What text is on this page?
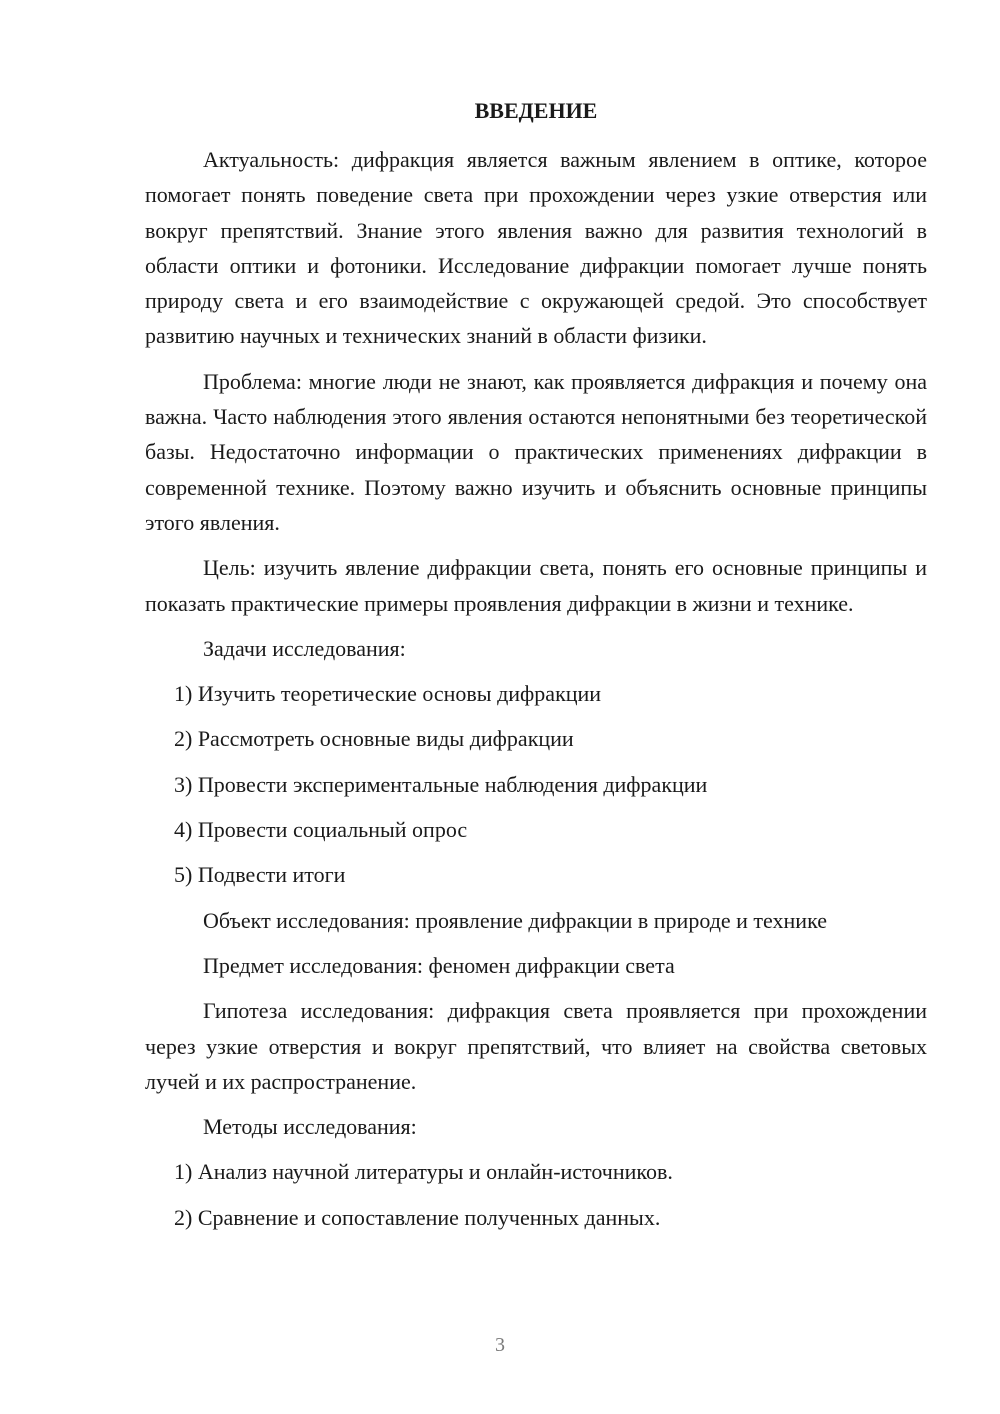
ВВЕДЕНИЕ

Актуальность: дифракция является важным явлением в оптике, которое помогает понять поведение света при прохождении через узкие отверстия или вокруг препятствий. Знание этого явления важно для развития технологий в области оптики и фотоники. Исследование дифракции помогает лучше понять природу света и его взаимодействие с окружающей средой. Это способствует развитию научных и технических знаний в области физики.

Проблема: многие люди не знают, как проявляется дифракция и почему она важна. Часто наблюдения этого явления остаются непонятными без теоретической базы. Недостаточно информации о практических применениях дифракции в современной технике. Поэтому важно изучить и объяснить основные принципы этого явления.

Цель: изучить явление дифракции света, понять его основные принципы и показать практические примеры проявления дифракции в жизни и технике.

Задачи исследования:

1) Изучить теоретические основы дифракции

2) Рассмотреть основные виды дифракции

3) Провести экспериментальные наблюдения дифракции

4) Провести социальный опрос

5) Подвести итоги

Объект исследования: проявление дифракции в природе и технике

Предмет исследования: феномен дифракции света

Гипотеза исследования: дифракция света проявляется при прохождении через узкие отверстия и вокруг препятствий, что влияет на свойства световых лучей и их распространение.

Методы исследования:

1) Анализ научной литературы и онлайн-источников.

2) Сравнение и сопоставление полученных данных.

3
